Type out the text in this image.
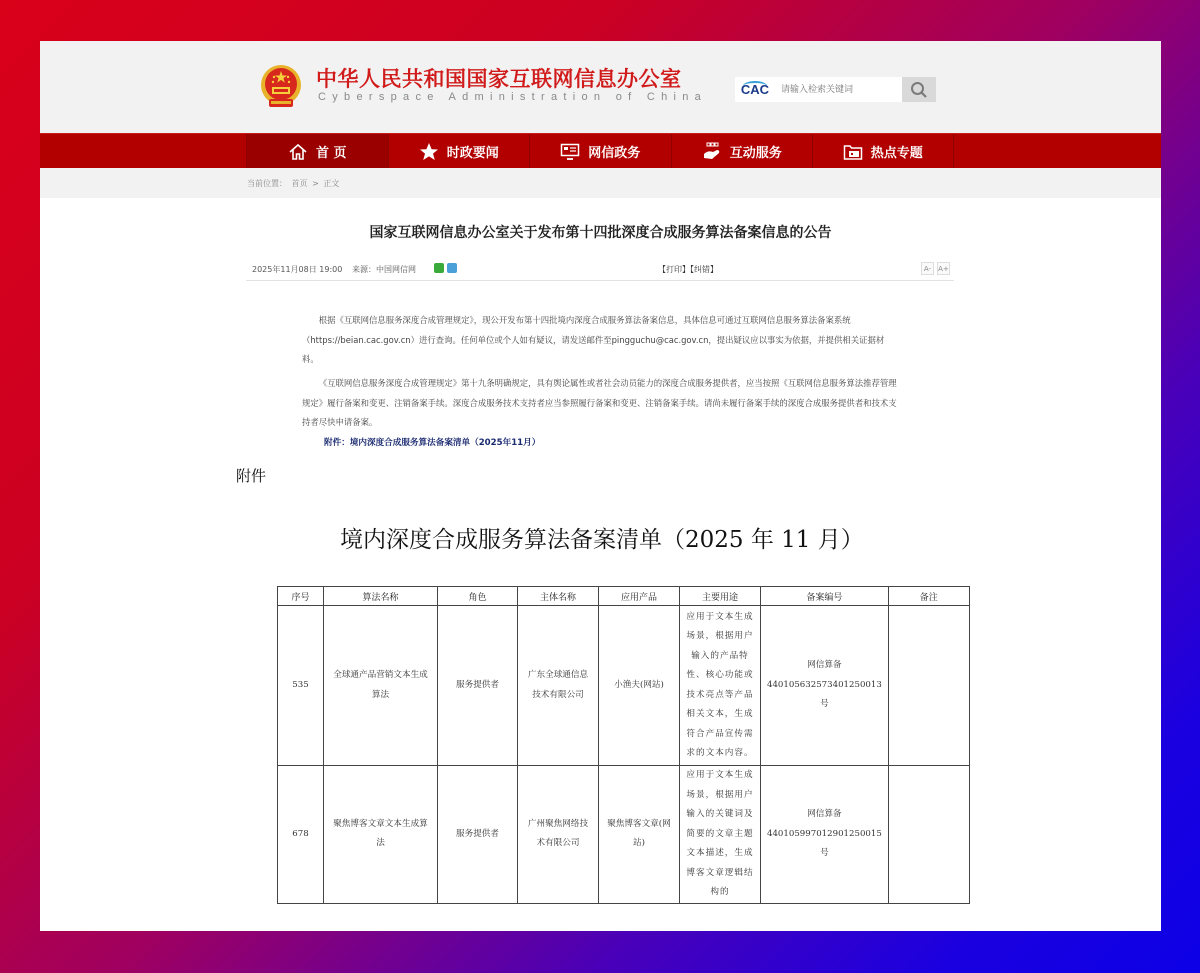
中华人民共和国国家互联网信息办公室
Cyberspace Administration of China	CAC
请输入检索关键词
首 页	时政要闻	网信政务	互动服务	热点专题
当前位置： 首页 > 正文
国家互联网信息办公室关于发布第十四批深度合成服务算法备案信息的公告
2025年11月08日 19:00 来源：中国网信网	【打印】【纠错】	A-	A+

根据《互联网信息服务深度合成管理规定》，现公开发布第十四批境内深度合成服务算法备案信息，具体信息可通过互联网信息服务算法备案系统（https://beian.cac.gov.cn）进行查询。任何单位或个人如有疑议，请发送邮件至pingguchu@cac.gov.cn，提出疑议应以事实为依据，并提供相关证据材料。

《互联网信息服务深度合成管理规定》第十九条明确规定，具有舆论属性或者社会动员能力的深度合成服务提供者，应当按照《互联网信息服务算法推荐管理规定》履行备案和变更、注销备案手续。深度合成服务技术支持者应当参照履行备案和变更、注销备案手续。请尚未履行备案手续的深度合成服务提供者和技术支持者尽快申请备案。

附件：境内深度合成服务算法备案清单（2025年11月）
附件
境内深度合成服务算法备案清单（2025 年 11 月）
序号	算法名称	角色	主体名称	应用产品	主要用途	备案编号	备注
535	全球通产品营销文本生成算法	服务提供者	广东全球通信息技术有限公司	小渔夫(网站)	应用于文本生成场景，根据用户输入的产品特性、核心功能或技术亮点等产品相关文本，生成符合产品宣传需求的文本内容。	网信算备440105632573401250013号	
678	聚焦博客文章文本生成算法	服务提供者	广州聚焦网络技术有限公司	聚焦博客文章(网站)	应用于文本生成场景，根据用户输入的关键词及简要的文章主题文本描述，生成博客文章逻辑结构的	网信算备440105997012901250015号	
